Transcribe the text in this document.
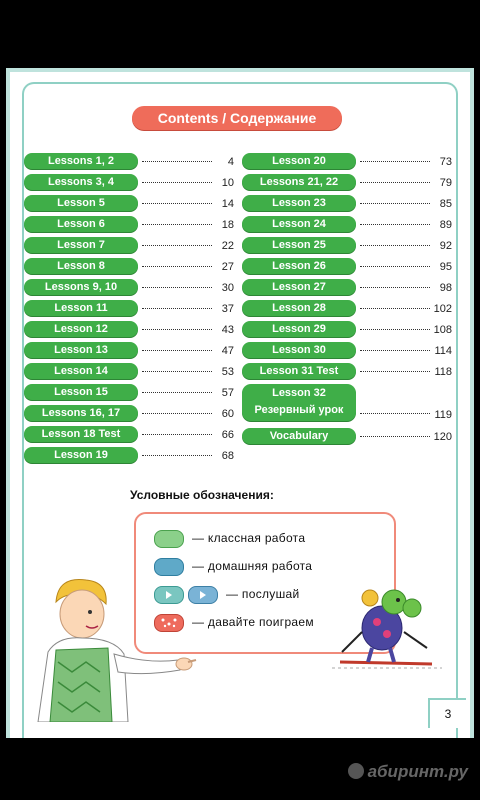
Contents / Содержание
Lessons 1, 2	4
Lessons 3, 4	10
Lesson 5	14
Lesson 6	18
Lesson 7	22
Lesson 8	27
Lessons 9, 10	30
Lesson 11	37
Lesson 12	43
Lesson 13	47
Lesson 14	53
Lesson 15	57
Lessons 16, 17	60
Lesson 18 Test	66
Lesson 19	68
Lesson 20	73
Lessons 21, 22	79
Lesson 23	85
Lesson 24	89
Lesson 25	92
Lesson 26	95
Lesson 27	98
Lesson 28	102
Lesson 29	108
Lesson 30	114
Lesson 31 Test	118
Lesson 32
Резервный урок	119
Vocabulary	120
Условные обозначения:
— классная работа
— домашняя работа
— послушай
— давайте поиграем
3
абиринт.ру
